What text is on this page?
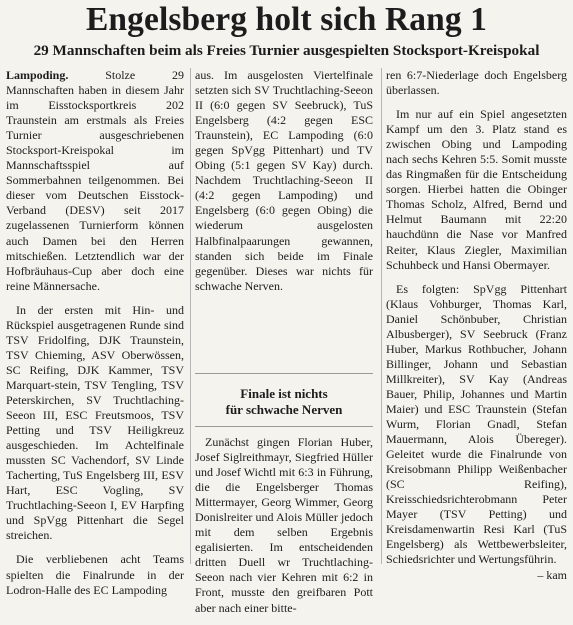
Engelsberg holt sich Rang 1
29 Mannschaften beim als Freies Turnier ausgespielten Stocksport-Kreispokal

Lampoding.	Stolze 29 Mannschaften haben in diesem Jahr im Eisstocksportkreis 202 Traunstein am erstmals als Freies Turnier ausgeschriebenen Stocksport-Kreispokal im Mannschaftsspiel auf Sommerbahnen teilgenommen. Bei dieser vom Deutschen Eisstock-Verband (DESV) seit 2017 zugelassenen Turnierform können auch Damen bei den Herren mitschießen. Letztendlich war der Hofbräuhaus-Cup aber doch eine reine Männersache.

In der ersten mit Hin- und Rückspiel ausgetragenen Runde sind TSV Fridolfing, DJK Traunstein, TSV Chieming, ASV Oberwössen, SC Reifing, DJK Kammer, TSV Marquart-stein, TSV Tengling, TSV Peterskirchen, SV Truchtlaching-Seeon III, ESC Freutsmoos, TSV Petting und TSV Heiligkreuz ausgeschieden. Im Achtelfinale mussten SC Vachendorf, SV Linde Tacherting, TuS Engelsberg III, ESV Hart, ESC Vogling, SV Truchtlaching-Seeon I, EV Harpfing und SpVgg Pittenhart die Segel streichen.

Die verbliebenen acht Teams spielten die Finalrunde in der Lodron-Halle des EC Lampoding

aus. Im ausgelosten Viertelfinale setzten sich SV Truchtlaching-Seeon II (6:0 gegen SV Seebruck), TuS Engelsberg (4:2 gegen ESC Traunstein), EC Lampoding (6:0 gegen SpVgg Pittenhart) und TV Obing (5:1 gegen SV Kay) durch. Nachdem Truchtlaching-Seeon II (4:2 gegen Lampoding) und Engelsberg (6:0 gegen Obing) die wiederum ausgelosten Halbfinalpaarungen gewannen, standen sich beide im Finale gegenüber. Dieses war nichts für schwache Nerven.

Finale ist nichts
für schwache Nerven

Zunächst gingen Florian Huber, Josef Siglreithmayr, Siegfried Hüller und Josef Wichtl mit 6:3 in Führung, die die Engelsberger Thomas Mittermayer, Georg Wimmer, Georg Donislreiter und Alois Müller jedoch mit dem selben Ergebnis egalisierten. Im entscheidenden dritten Duell wr Truchtlaching-Seeon nach vier Kehren mit 6:2 in Front, musste den greifbaren Pott aber nach einer bitte-

ren 6:7-Niederlage doch Engelsberg überlassen.

Im nur auf ein Spiel angesetzten Kampf um den 3. Platz stand es zwischen Obing und Lampoding nach sechs Kehren 5:5. Somit musste das Ringmaßen für die Entscheidung sorgen. Hierbei hatten die Obinger Thomas Scholz, Alfred, Bernd und Helmut Baumann mit 22:20 hauchdünn die Nase vor Manfred Reiter, Klaus Ziegler, Maximilian Schuhbeck und Hansi Obermayer.

Es folgten: SpVgg Pittenhart (Klaus Vohburger, Thomas Karl, Daniel Schönbuber, Christian Albusberger), SV Seebruck (Franz Huber, Markus Rothbucher, Johann Billinger, Johann und Sebastian Millkreiter), SV Kay (Andreas Bauer, Philip, Johannes und Martin Maier) und ESC Traunstein (Stefan Wurm, Florian Gnadl, Stefan Mauermann, Alois Übereger). Geleitet wurde die Finalrunde von Kreisobmann Philipp Weißenbacher (SC Reifing), Kreisschiedsrichterobmann Peter Mayer (TSV Petting) und Kreisdamenwartin Resi Karl (TuS Engelsberg) als Wettbewerbsleiter, Schiedsrichter und Wertungsführin.
– kam
